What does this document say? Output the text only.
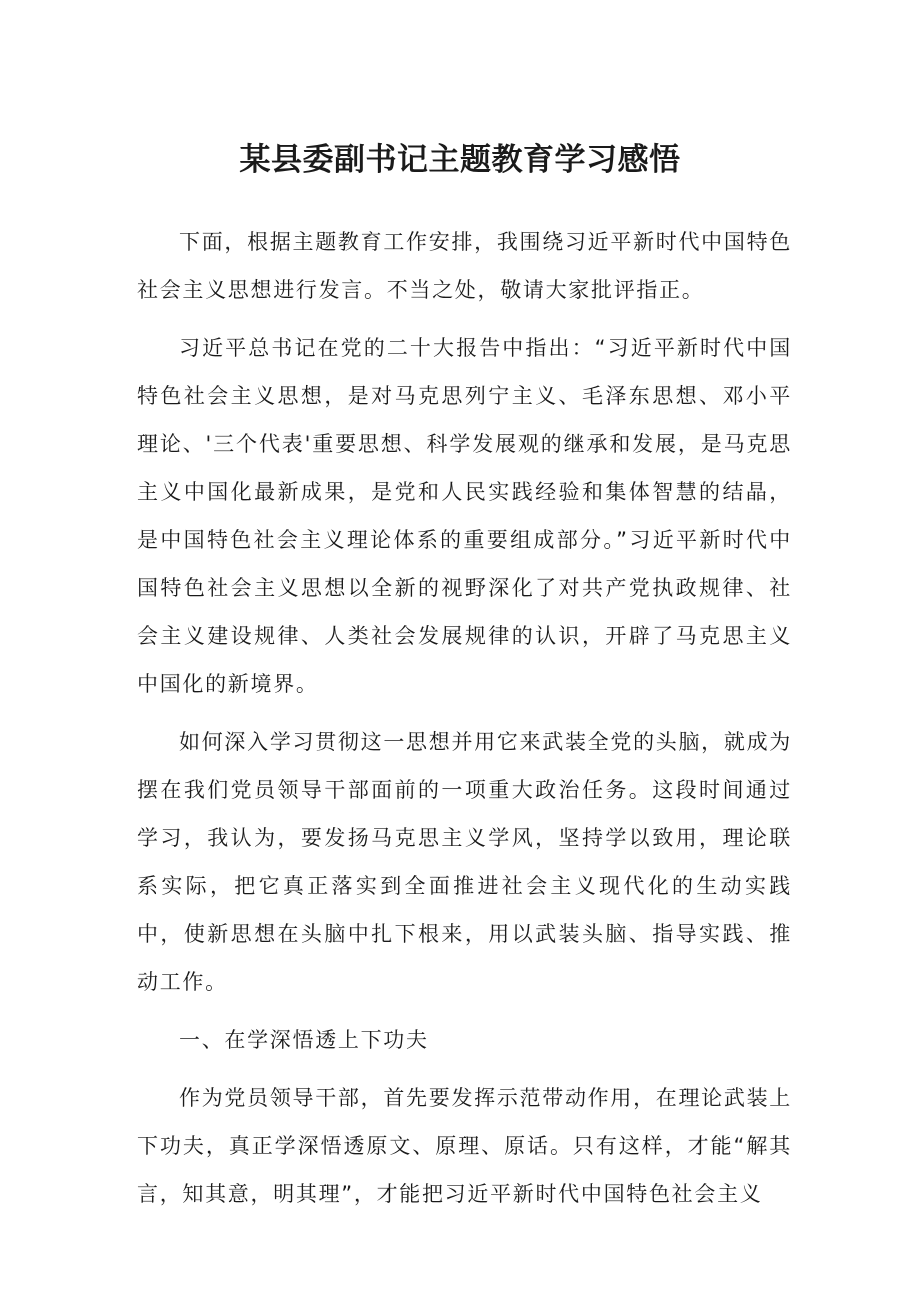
某县委副书记主题教育学习感悟

下面，根据主题教育工作安排，我围绕习近平新时代中国特色社会主义思想进行发言。不当之处，敬请大家批评指正。

习近平总书记在党的二十大报告中指出：“习近平新时代中国特色社会主义思想，是对马克思列宁主义、毛泽东思想、邓小平理论、'三个代表'重要思想、科学发展观的继承和发展，是马克思主义中国化最新成果，是党和人民实践经验和集体智慧的结晶，是中国特色社会主义理论体系的重要组成部分。”习近平新时代中国特色社会主义思想以全新的视野深化了对共产党执政规律、社会主义建设规律、人类社会发展规律的认识，开辟了马克思主义中国化的新境界。

如何深入学习贯彻这一思想并用它来武装全党的头脑，就成为摆在我们党员领导干部面前的一项重大政治任务。这段时间通过学习，我认为，要发扬马克思主义学风，坚持学以致用，理论联系实际，把它真正落实到全面推进社会主义现代化的生动实践中，使新思想在头脑中扎下根来，用以武装头脑、指导实践、推动工作。

一、在学深悟透上下功夫

作为党员领导干部，首先要发挥示范带动作用，在理论武装上下功夫，真正学深悟透原文、原理、原话。只有这样，才能“解其言，知其意，明其理”，才能把习近平新时代中国特色社会主义
